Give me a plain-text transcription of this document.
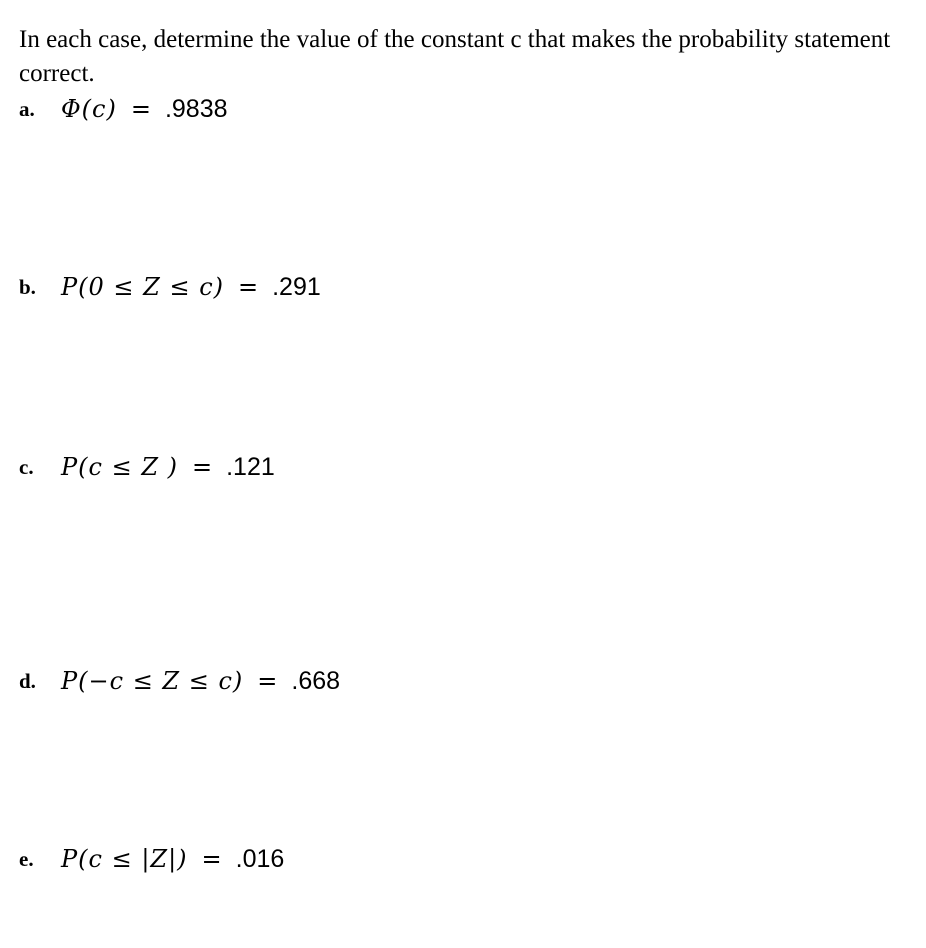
In each case, determine the value of the constant c that makes the probability statement correct.
a.	Φ(c) = .9838
b.	P(0 ≤ Z ≤ c) = .291
c.	P(c ≤ Z ) = .121
d.	P(−c ≤ Z ≤ c) = .668
e.	P(c ≤ |Z|) = .016
